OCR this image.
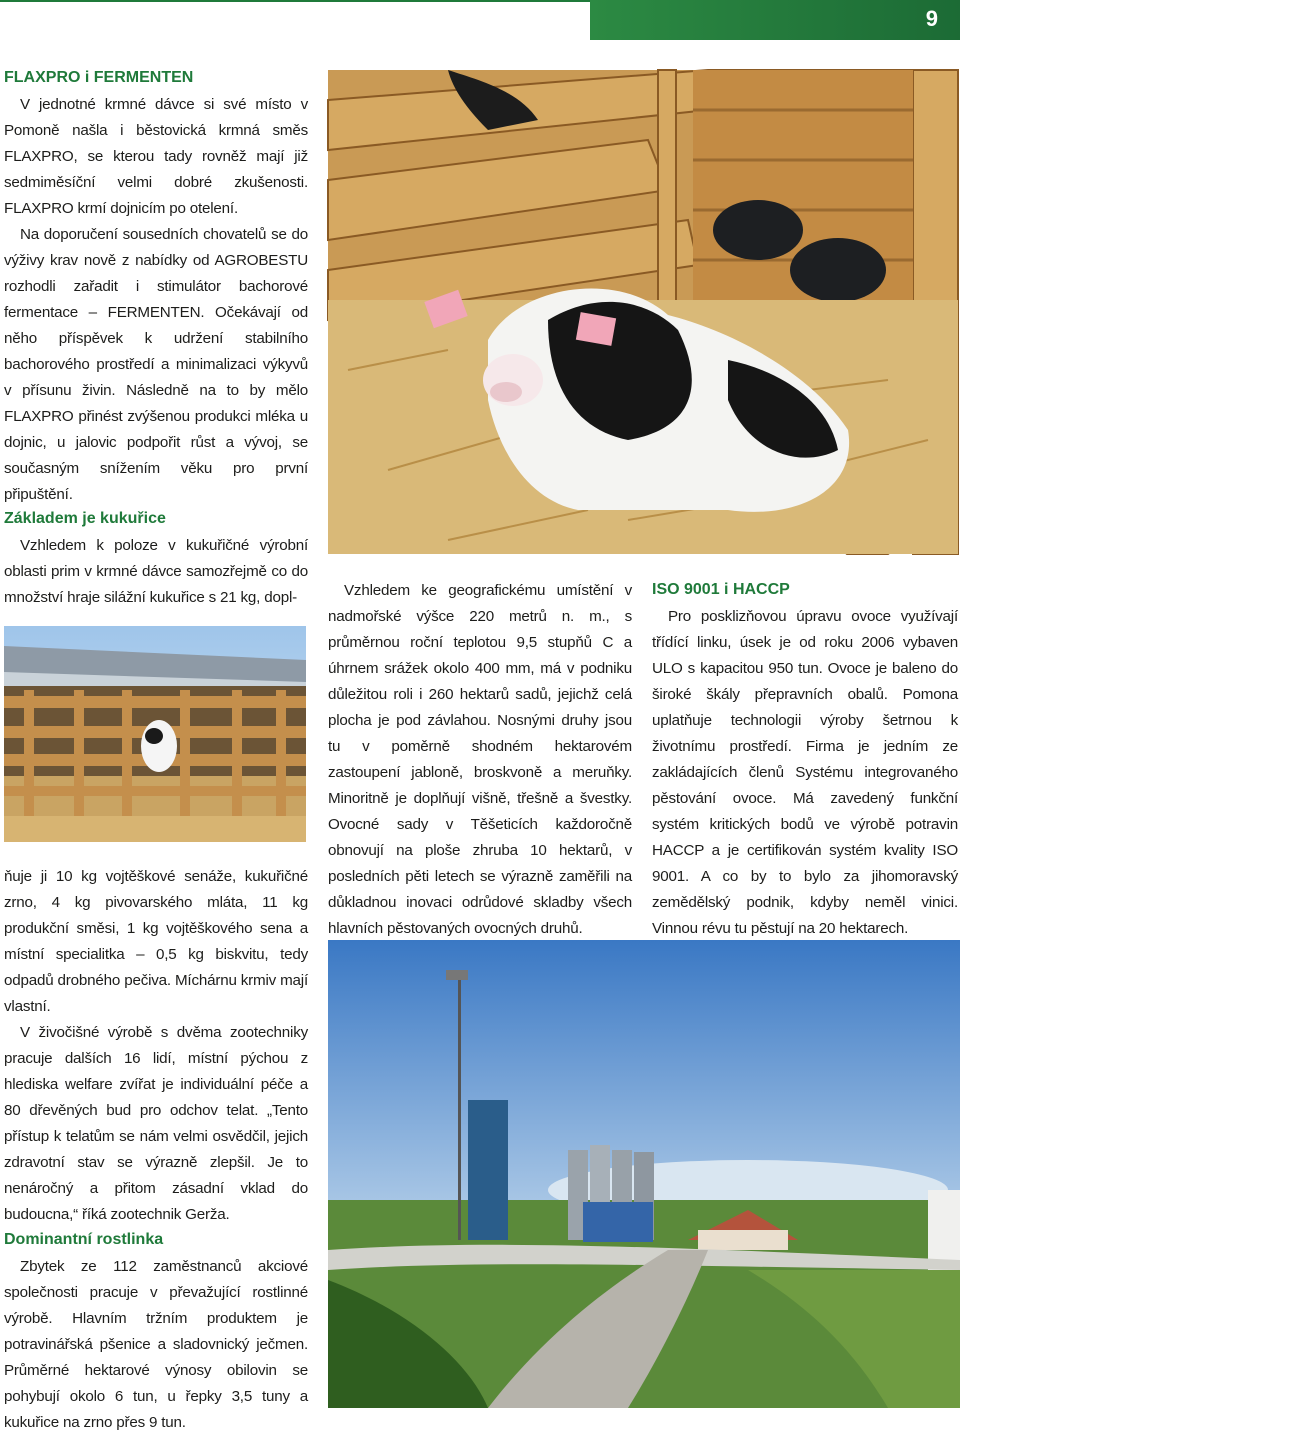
ZKUŠENOSTI NAŠICH PARTNERŮ
9
FLAXPRO i FERMENTEN

V jednotné krmné dávce si své místo v Pomoně našla i běstovická krmná směs FLAXPRO, se kterou tady rovněž mají již sedmiměsíční velmi dobré zkušenosti. FLAXPRO krmí dojnicím po otelení.

Na doporučení sousedních chovatelů se do výživy krav nově z nabídky od AGROBESTU rozhodli zařadit i stimulátor bachorové fermentace – FERMENTEN. Očekávají od něho příspěvek k udržení stabilního bachorového prostředí a minimalizaci výkyvů v přísunu živin. Následně na to by mělo FLAXPRO přinést zvýšenou produkci mléka u dojnic, u jalovic podpořit růst a vývoj, se současným snížením věku pro první připuštění.

Základem je kukuřice

Vzhledem k poloze v kukuřičné výrobní oblasti prim v krmné dávce samozřejmě co do množství hraje silážní kukuřice s 21 kg, dopl-

ňuje ji 10 kg vojtěškové senáže, kukuřičné zrno, 4 kg pivovarského mláta, 11 kg produkční směsi, 1 kg vojtěškového sena a místní specialitka – 0,5 kg biskvitu, tedy odpadů drobného pečiva. Míchárnu krmiv mají vlastní.

V živočišné výrobě s dvěma zootechniky pracuje dalších 16 lidí, místní pýchou z hlediska welfare zvířat je individuální péče a 80 dřevěných bud pro odchov telat. „Tento přístup k telatům se nám velmi osvědčil, jejich zdravotní stav se výrazně zlepšil. Je to nenáročný a přitom zásadní vklad do budoucna,“ říká zootechnik Gerža.

Dominantní rostlinka

Zbytek ze 112 zaměstnanců akciové společnosti pracuje v převažující rostlinné výrobě. Hlavním tržním produktem je potravinářská pšenice a sladovnický ječmen. Průměrné hektarové výnosy obilovin se pohybují okolo 6 tun, u řepky 3,5 tuny a kukuřice na zrno přes 9 tun.

Vzhledem ke geografickému umístění v nadmořské výšce 220 metrů n. m., s průměrnou roční teplotou 9,5 stupňů C a úhrnem srážek okolo 400 mm, má v podniku důležitou roli i 260 hektarů sadů, jejichž celá plocha je pod závlahou. Nosnými druhy jsou tu v poměrně shodném hektarovém zastoupení jabloně, broskvoně a meruňky. Minoritně je doplňují višně, třešně a švestky. Ovocné sady v Těšeticích každoročně obnovují na ploše zhruba 10 hektarů, v posledních pěti letech se výrazně zaměřili na důkladnou inovaci odrůdové skladby všech hlavních pěstovaných ovocných druhů.

ISO 9001 i HACCP

Pro posklizňovou úpravu ovoce využívají třídící linku, úsek je od roku 2006 vybaven ULO s kapacitou 950 tun. Ovoce je baleno do široké škály přepravních obalů. Pomona uplatňuje technologii výroby šetrnou k životnímu prostředí. Firma je jedním ze zakládajících členů Systému integrovaného pěstování ovoce. Má zavedený funkční systém kritických bodů ve výrobě potravin HACCP a je certifikován systém kvality ISO 9001. A co by to bylo za jihomoravský zemědělský podnik, kdyby neměl vinici. Vinnou révu tu pěstují na 20 hektarech.
